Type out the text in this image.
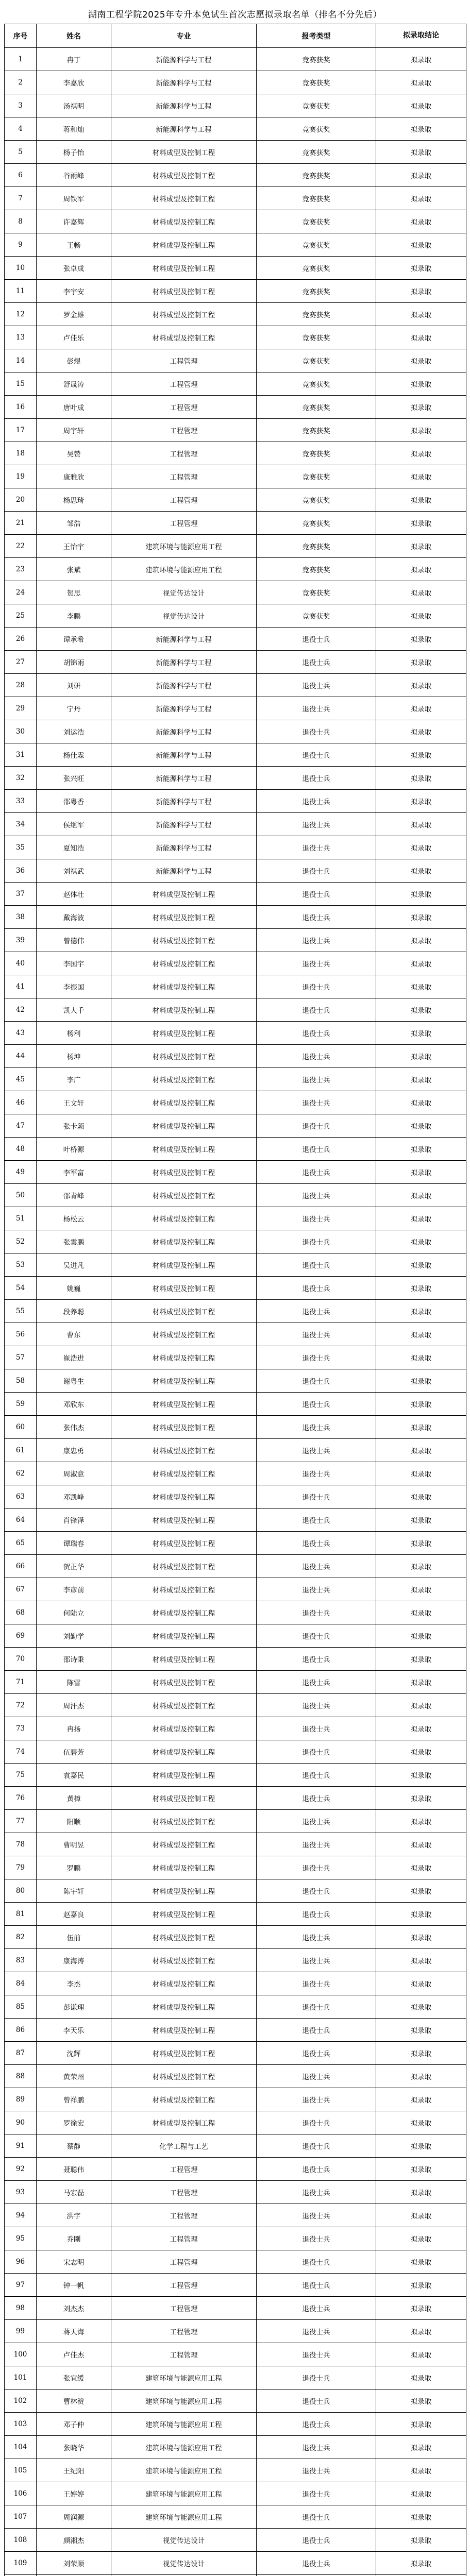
湖南工程学院2025年专升本免试生首次志愿拟录取名单（排名不分先后）
序号	姓名	专业	报考类型	拟录取结论
1	冉丁	新能源科学与工程	竞赛获奖	拟录取
2	李嘉欣	新能源科学与工程	竞赛获奖	拟录取
3	汤祺明	新能源科学与工程	竞赛获奖	拟录取
4	蒋和灿	新能源科学与工程	竞赛获奖	拟录取
5	杨子怡	材料成型及控制工程	竞赛获奖	拟录取
6	谷雨峰	材料成型及控制工程	竞赛获奖	拟录取
7	周铁军	材料成型及控制工程	竞赛获奖	拟录取
8	许嘉辉	材料成型及控制工程	竞赛获奖	拟录取
9	王畅	材料成型及控制工程	竞赛获奖	拟录取
10	张卓成	材料成型及控制工程	竞赛获奖	拟录取
11	李宇安	材料成型及控制工程	竞赛获奖	拟录取
12	罗金雄	材料成型及控制工程	竞赛获奖	拟录取
13	卢佳乐	材料成型及控制工程	竞赛获奖	拟录取
14	彭煜	工程管理	竞赛获奖	拟录取
15	舒晟涛	工程管理	竞赛获奖	拟录取
16	唐叶成	工程管理	竞赛获奖	拟录取
17	周宇轩	工程管理	竞赛获奖	拟录取
18	吴赞	工程管理	竞赛获奖	拟录取
19	康雅欣	工程管理	竞赛获奖	拟录取
20	杨思琦	工程管理	竞赛获奖	拟录取
21	邹浩	工程管理	竞赛获奖	拟录取
22	王怡宇	建筑环境与能源应用工程	竞赛获奖	拟录取
23	张斌	建筑环境与能源应用工程	竞赛获奖	拟录取
24	贺思	视觉传达设计	竞赛获奖	拟录取
25	李鹏	视觉传达设计	竞赛获奖	拟录取
26	谭承希	新能源科学与工程	退役士兵	拟录取
27	胡锦雨	新能源科学与工程	退役士兵	拟录取
28	刘研	新能源科学与工程	退役士兵	拟录取
29	宁丹	新能源科学与工程	退役士兵	拟录取
30	刘运浩	新能源科学与工程	退役士兵	拟录取
31	杨佳霖	新能源科学与工程	退役士兵	拟录取
32	张兴旺	新能源科学与工程	退役士兵	拟录取
33	邵粤香	新能源科学与工程	退役士兵	拟录取
34	侯继军	新能源科学与工程	退役士兵	拟录取
35	夏知浩	新能源科学与工程	退役士兵	拟录取
36	刘祺武	新能源科学与工程	退役士兵	拟录取
37	赵体壮	材料成型及控制工程	退役士兵	拟录取
38	戴海波	材料成型及控制工程	退役士兵	拟录取
39	曾德伟	材料成型及控制工程	退役士兵	拟录取
40	李国宇	材料成型及控制工程	退役士兵	拟录取
41	李振国	材料成型及控制工程	退役士兵	拟录取
42	凯大千	材料成型及控制工程	退役士兵	拟录取
43	杨利	材料成型及控制工程	退役士兵	拟录取
44	杨坤	材料成型及控制工程	退役士兵	拟录取
45	李广	材料成型及控制工程	退役士兵	拟录取
46	王文轩	材料成型及控制工程	退役士兵	拟录取
47	张卡颖	材料成型及控制工程	退役士兵	拟录取
48	叶桥源	材料成型及控制工程	退役士兵	拟录取
49	李军富	材料成型及控制工程	退役士兵	拟录取
50	邵青峰	材料成型及控制工程	退役士兵	拟录取
51	杨松云	材料成型及控制工程	退役士兵	拟录取
52	张雲鹏	材料成型及控制工程	退役士兵	拟录取
53	吴进凡	材料成型及控制工程	退役士兵	拟录取
54	姚巍	材料成型及控制工程	退役士兵	拟录取
55	段养聪	材料成型及控制工程	退役士兵	拟录取
56	曹东	材料成型及控制工程	退役士兵	拟录取
57	崔浩进	材料成型及控制工程	退役士兵	拟录取
58	谢粤生	材料成型及控制工程	退役士兵	拟录取
59	邓欣东	材料成型及控制工程	退役士兵	拟录取
60	张伟杰	材料成型及控制工程	退役士兵	拟录取
61	康忠勇	材料成型及控制工程	退役士兵	拟录取
62	周淑意	材料成型及控制工程	退役士兵	拟录取
63	邓凯峰	材料成型及控制工程	退役士兵	拟录取
64	肖锋泽	材料成型及控制工程	退役士兵	拟录取
65	谭瑞春	材料成型及控制工程	退役士兵	拟录取
66	贺正华	材料成型及控制工程	退役士兵	拟录取
67	李彦前	材料成型及控制工程	退役士兵	拟录取
68	何陆立	材料成型及控制工程	退役士兵	拟录取
69	刘勤学	材料成型及控制工程	退役士兵	拟录取
70	邵诗秉	材料成型及控制工程	退役士兵	拟录取
71	陈雪	材料成型及控制工程	退役士兵	拟录取
72	周汗杰	材料成型及控制工程	退役士兵	拟录取
73	冉扬	材料成型及控制工程	退役士兵	拟录取
74	伍碧芳	材料成型及控制工程	退役士兵	拟录取
75	袁嘉民	材料成型及控制工程	退役士兵	拟录取
76	黄樟	材料成型及控制工程	退役士兵	拟录取
77	阳顺	材料成型及控制工程	退役士兵	拟录取
78	曹明昱	材料成型及控制工程	退役士兵	拟录取
79	罗鹏	材料成型及控制工程	退役士兵	拟录取
80	陈宇轩	材料成型及控制工程	退役士兵	拟录取
81	赵嘉良	材料成型及控制工程	退役士兵	拟录取
82	伍前	材料成型及控制工程	退役士兵	拟录取
83	康海涛	材料成型及控制工程	退役士兵	拟录取
84	李杰	材料成型及控制工程	退役士兵	拟录取
85	彭谦理	材料成型及控制工程	退役士兵	拟录取
86	李天乐	材料成型及控制工程	退役士兵	拟录取
87	沈辉	材料成型及控制工程	退役士兵	拟录取
88	黄荣州	材料成型及控制工程	退役士兵	拟录取
89	曾祥鹏	材料成型及控制工程	退役士兵	拟录取
90	罗徐宏	材料成型及控制工程	退役士兵	拟录取
91	蔡静	化学工程与工艺	退役士兵	拟录取
92	聂聪伟	工程管理	退役士兵	拟录取
93	马宏磊	工程管理	退役士兵	拟录取
94	洪宇	工程管理	退役士兵	拟录取
95	乔刚	工程管理	退役士兵	拟录取
96	宋志明	工程管理	退役士兵	拟录取
97	钟一帆	工程管理	退役士兵	拟录取
98	刘杰杰	工程管理	退役士兵	拟录取
99	蒋天海	工程管理	退役士兵	拟录取
100	卢佳杰	工程管理	退役士兵	拟录取
101	张宜缓	建筑环境与能源应用工程	退役士兵	拟录取
102	曹林赞	建筑环境与能源应用工程	退役士兵	拟录取
103	邓子仲	建筑环境与能源应用工程	退役士兵	拟录取
104	张晓华	建筑环境与能源应用工程	退役士兵	拟录取
105	王纪阳	建筑环境与能源应用工程	退役士兵	拟录取
106	王婷婷	建筑环境与能源应用工程	退役士兵	拟录取
107	周润源	建筑环境与能源应用工程	退役士兵	拟录取
108	颜湘杰	视觉传达设计	退役士兵	拟录取
109	刘荣顺	视觉传达设计	退役士兵	拟录取
